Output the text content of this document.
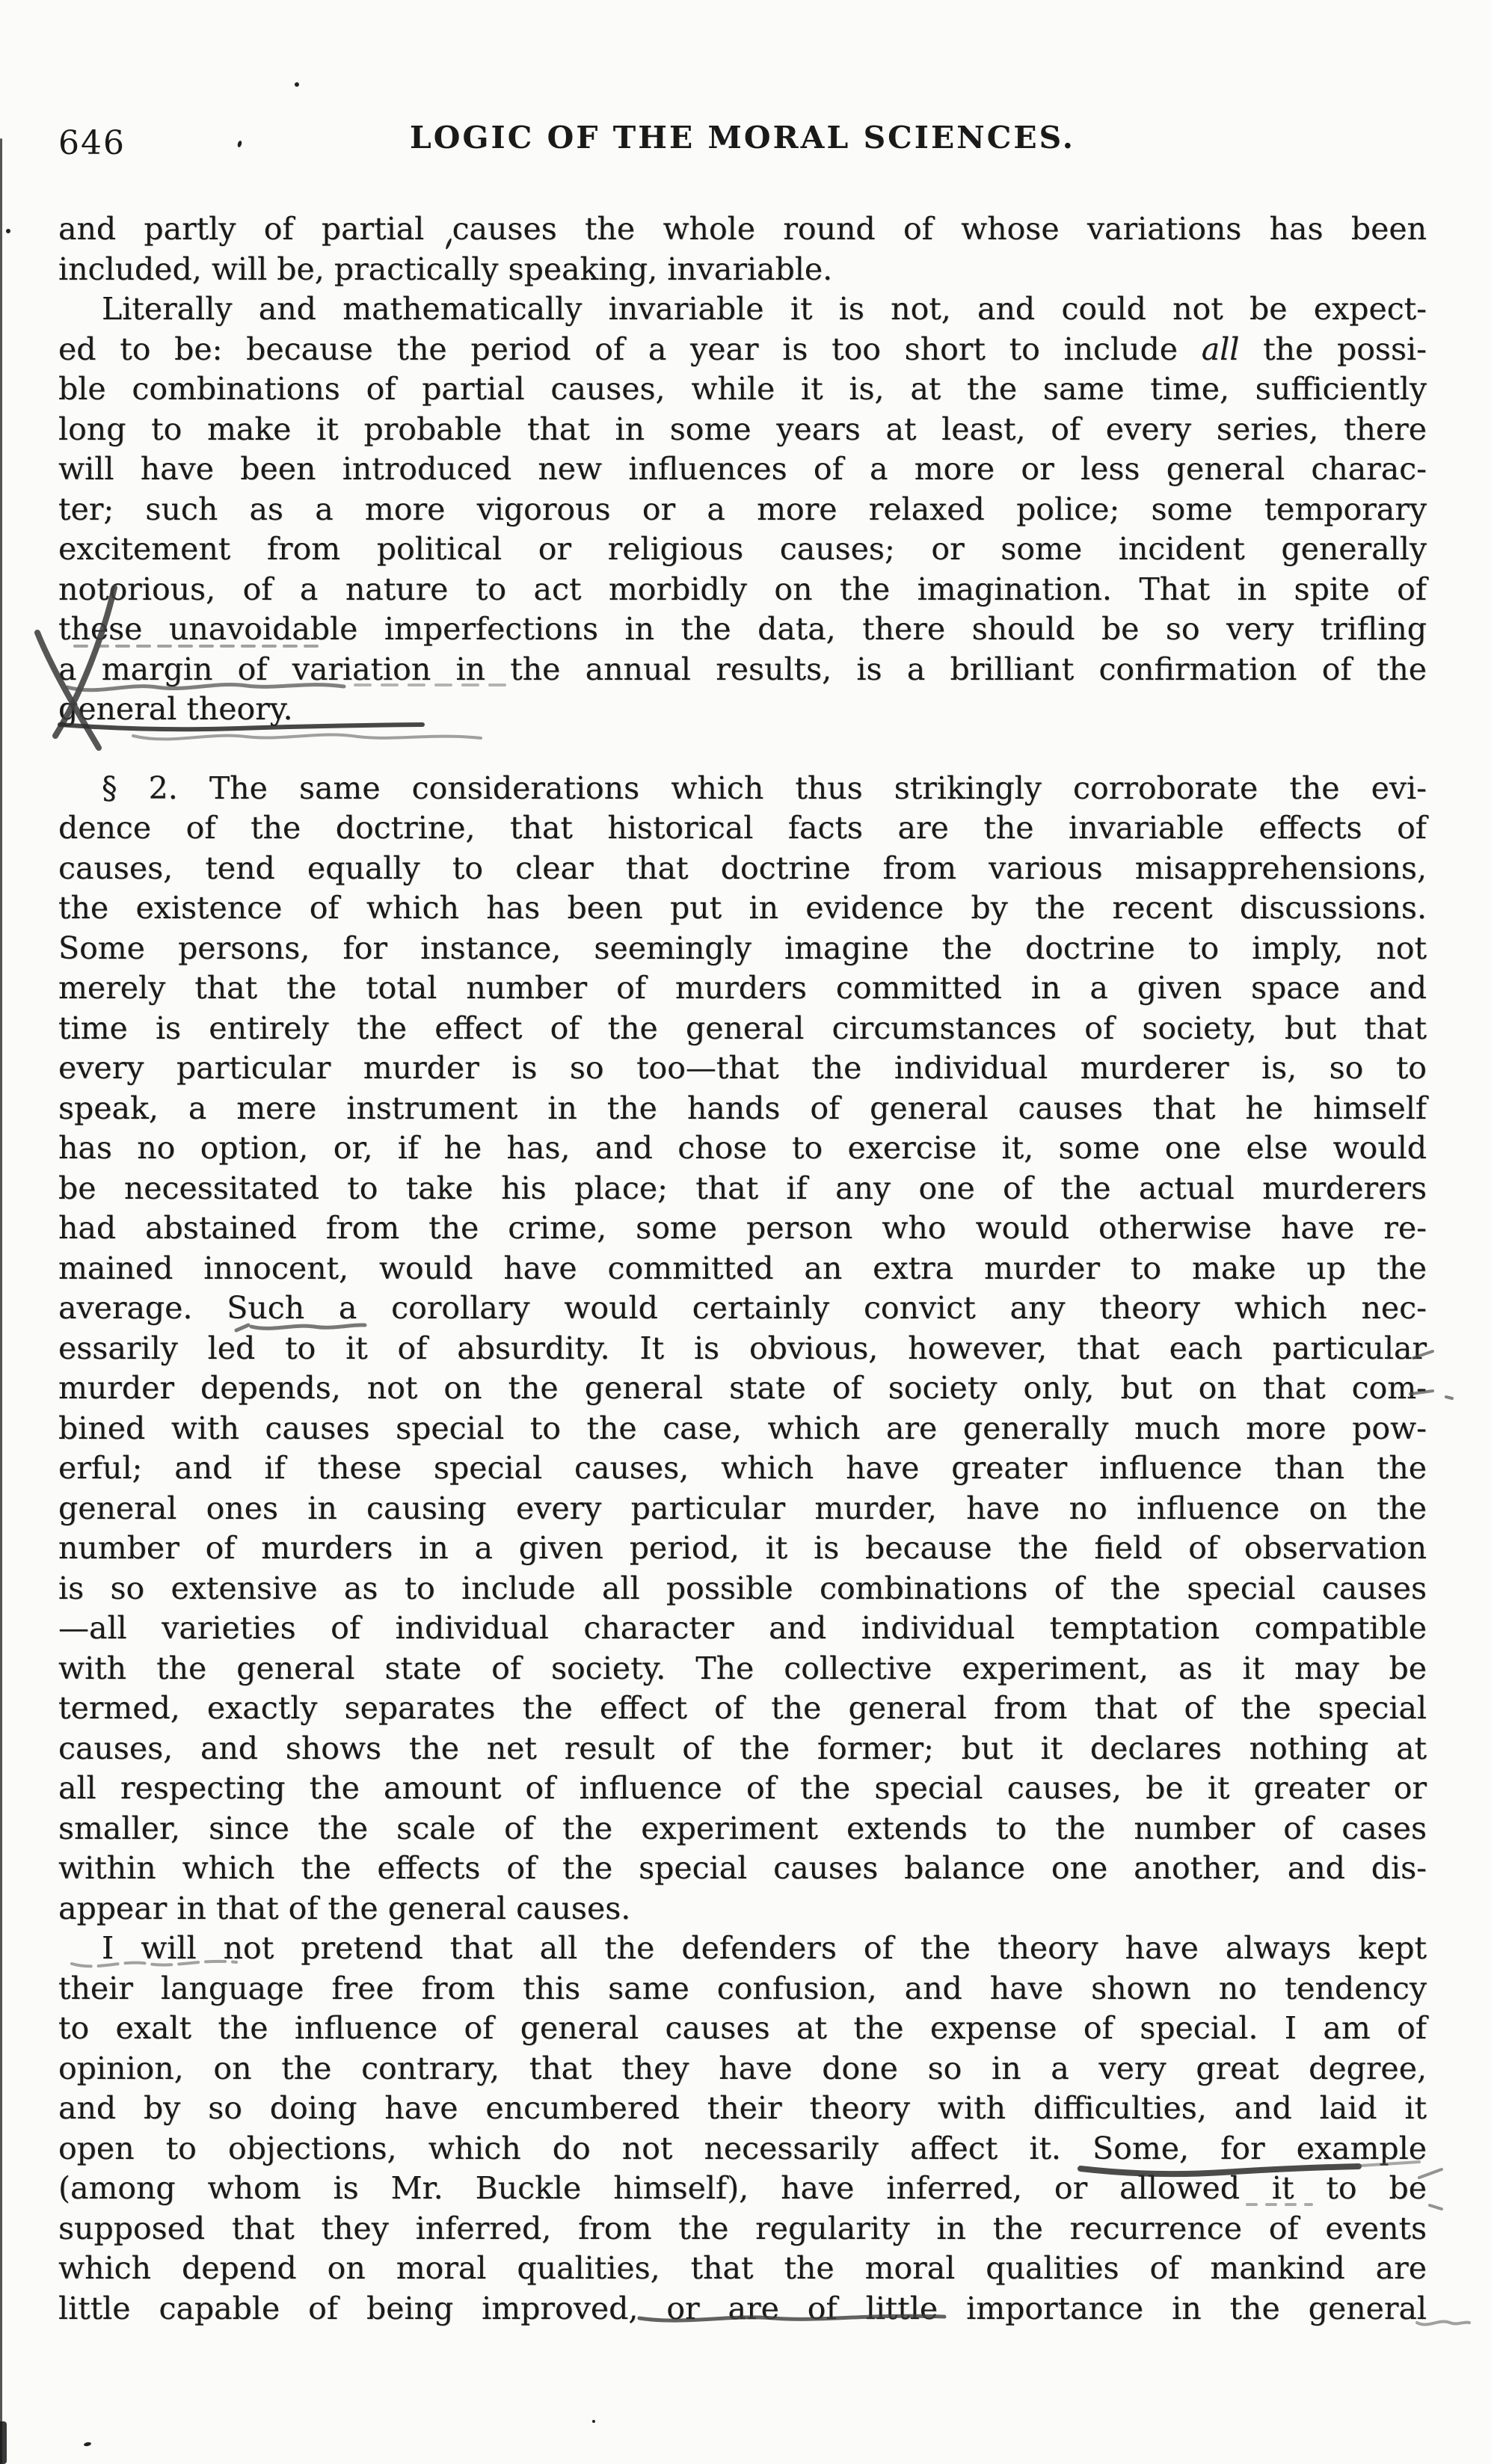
646	LOGIC OF THE MORAL SCIENCES.
and partly of partial causes the whole round of whose variations has been
included, will be, practically speaking, invariable.
Literally and mathematically invariable it is not, and could not be expect-
ed to be: because the period of a year is too short to include all the possi-
ble combinations of partial causes, while it is, at the same time, sufficiently
long to make it probable that in some years at least, of every series, there
will have been introduced new influences of a more or less general charac-
ter; such as a more vigorous or a more relaxed police; some temporary
excitement from political or religious causes; or some incident generally
notorious, of a nature to act morbidly on the imagination. That in spite of
these unavoidable imperfections in the data, there should be so very trifling
a margin of variation in the annual results, is a brilliant confirmation of the
general theory.
§ 2. The same considerations which thus strikingly corroborate the evi-
dence of the doctrine, that historical facts are the invariable effects of
causes, tend equally to clear that doctrine from various misapprehensions,
the existence of which has been put in evidence by the recent discussions.
Some persons, for instance, seemingly imagine the doctrine to imply, not
merely that the total number of murders committed in a given space and
time is entirely the effect of the general circumstances of society, but that
every particular murder is so too—that the individual murderer is, so to
speak, a mere instrument in the hands of general causes that he himself
has no option, or, if he has, and chose to exercise it, some one else would
be necessitated to take his place; that if any one of the actual murderers
had abstained from the crime, some person who would otherwise have re-
mained innocent, would have committed an extra murder to make up the
average. Such a corollary would certainly convict any theory which nec-
essarily led to it of absurdity. It is obvious, however, that each particular
murder depends, not on the general state of society only, but on that com-
bined with causes special to the case, which are generally much more pow-
erful; and if these special causes, which have greater influence than the
general ones in causing every particular murder, have no influence on the
number of murders in a given period, it is because the field of observation
is so extensive as to include all possible combinations of the special causes
—all varieties of individual character and individual temptation compatible
with the general state of society. The collective experiment, as it may be
termed, exactly separates the effect of the general from that of the special
causes, and shows the net result of the former; but it declares nothing at
all respecting the amount of influence of the special causes, be it greater or
smaller, since the scale of the experiment extends to the number of cases
within which the effects of the special causes balance one another, and dis-
appear in that of the general causes.
I will not pretend that all the defenders of the theory have always kept
their language free from this same confusion, and have shown no tendency
to exalt the influence of general causes at the expense of special. I am of
opinion, on the contrary, that they have done so in a very great degree,
and by so doing have encumbered their theory with difficulties, and laid it
open to objections, which do not necessarily affect it. Some, for example
(among whom is Mr. Buckle himself), have inferred, or allowed it to be
supposed that they inferred, from the regularity in the recurrence of events
which depend on moral qualities, that the moral qualities of mankind are
little capable of being improved, or are of little importance in the general
